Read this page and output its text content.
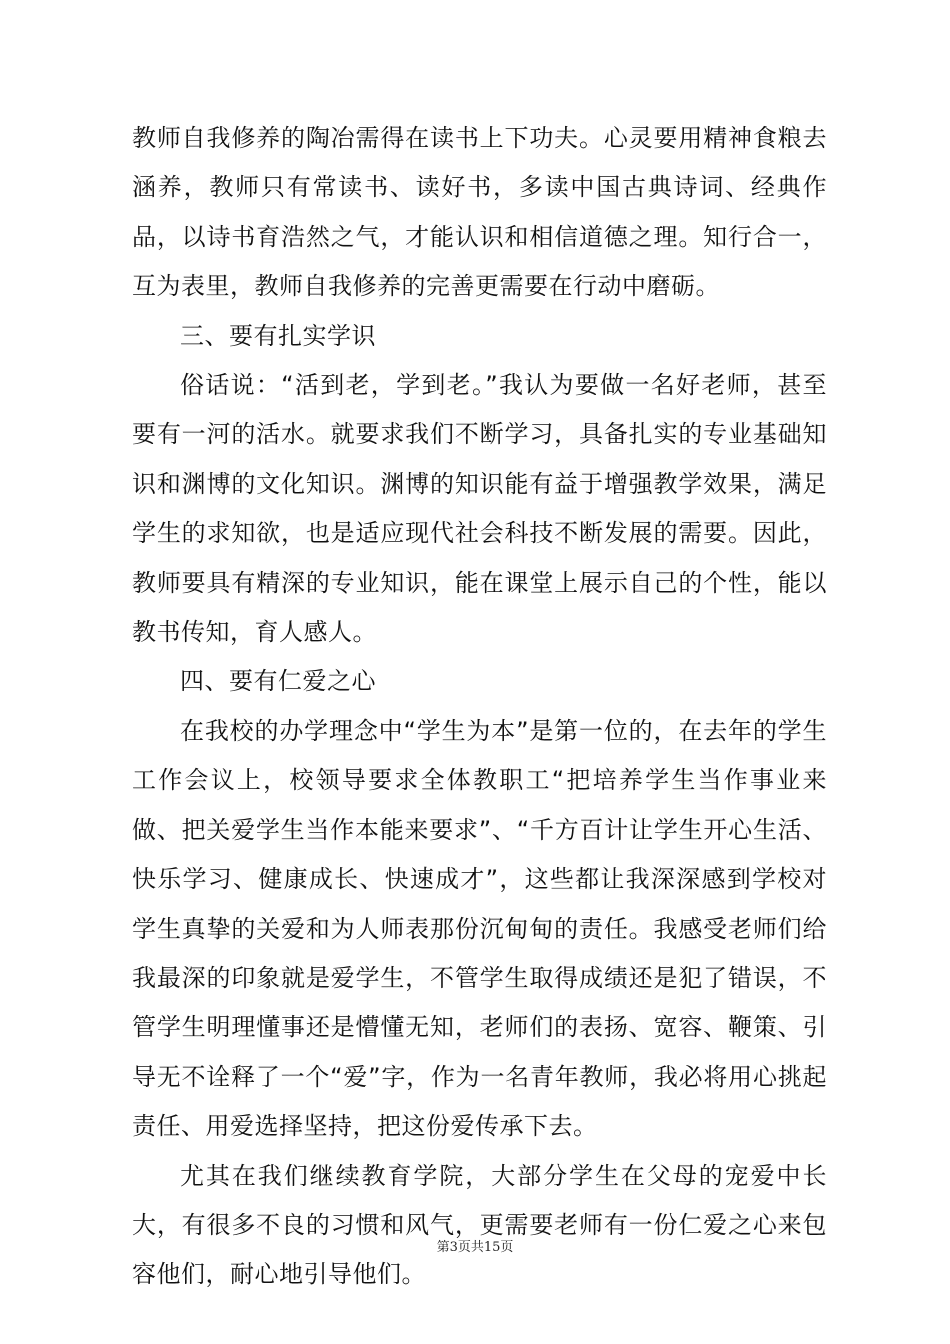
教师自我修养的陶冶需得在读书上下功夫。心灵要用精神食粮去涵养，教师只有常读书、读好书，多读中国古典诗词、经典作品，以诗书育浩然之气，才能认识和相信道德之理。知行合一，互为表里，教师自我修养的完善更需要在行动中磨砺。

三、要有扎实学识

俗话说：“活到老，学到老。”我认为要做一名好老师，甚至要有一河的活水。就要求我们不断学习，具备扎实的专业基础知识和渊博的文化知识。渊博的知识能有益于增强教学效果，满足学生的求知欲，也是适应现代社会科技不断发展的需要。因此，教师要具有精深的专业知识，能在课堂上展示自己的个性，能以教书传知，育人感人。

四、要有仁爱之心

在我校的办学理念中“学生为本”是第一位的，在去年的学生工作会议上，校领导要求全体教职工“把培养学生当作事业来做、把关爱学生当作本能来要求”、“千方百计让学生开心生活、快乐学习、健康成长、快速成才”，这些都让我深深感到学校对学生真挚的关爱和为人师表那份沉甸甸的责任。我感受老师们给我最深的印象就是爱学生，不管学生取得成绩还是犯了错误，不管学生明理懂事还是懵懂无知，老师们的表扬、宽容、鞭策、引导无不诠释了一个“爱”字，作为一名青年教师，我必将用心挑起责任、用爱选择坚持，把这份爱传承下去。

尤其在我们继续教育学院，大部分学生在父母的宠爱中长大，有很多不良的习惯和风气，更需要老师有一份仁爱之心来包容他们，耐心地引导他们。

第3页共15页
